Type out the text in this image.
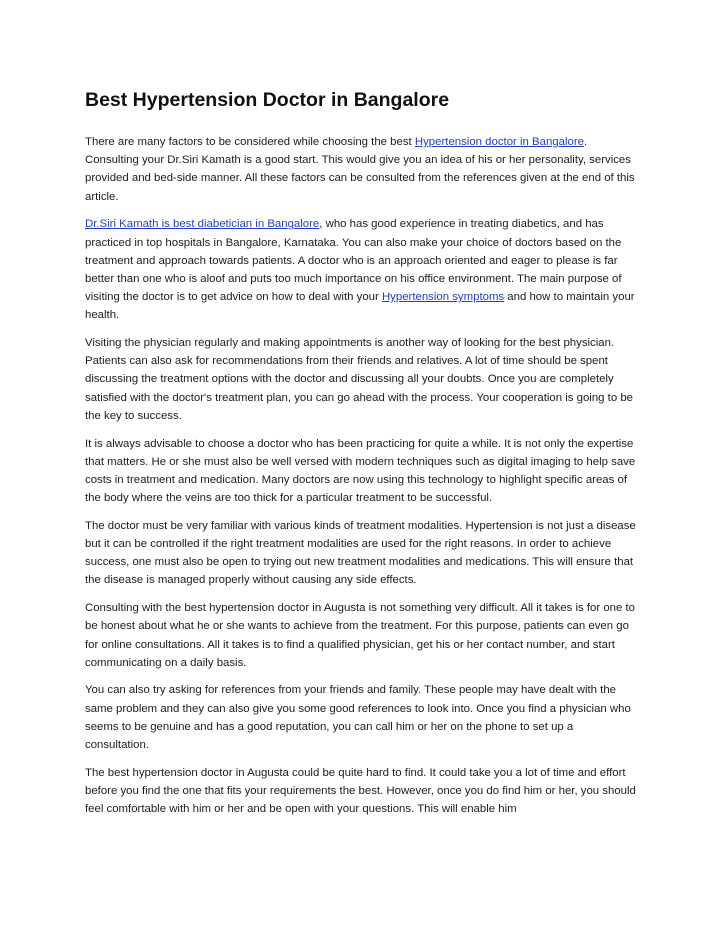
Best Hypertension Doctor in Bangalore

There are many factors to be considered while choosing the best Hypertension doctor in Bangalore. Consulting your Dr.Siri Kamath is a good start. This would give you an idea of his or her personality, services provided and bed-side manner. All these factors can be consulted from the references given at the end of this article.

Dr.Siri Kamath is best diabetician in Bangalore, who has good experience in treating diabetics, and has practiced in top hospitals in Bangalore, Karnataka. You can also make your choice of doctors based on the treatment and approach towards patients. A doctor who is an approach oriented and eager to please is far better than one who is aloof and puts too much importance on his office environment. The main purpose of visiting the doctor is to get advice on how to deal with your Hypertension symptoms and how to maintain your health.

Visiting the physician regularly and making appointments is another way of looking for the best physician. Patients can also ask for recommendations from their friends and relatives. A lot of time should be spent discussing the treatment options with the doctor and discussing all your doubts. Once you are completely satisfied with the doctor's treatment plan, you can go ahead with the process. Your cooperation is going to be the key to success.

It is always advisable to choose a doctor who has been practicing for quite a while. It is not only the expertise that matters. He or she must also be well versed with modern techniques such as digital imaging to help save costs in treatment and medication. Many doctors are now using this technology to highlight specific areas of the body where the veins are too thick for a particular treatment to be successful.

The doctor must be very familiar with various kinds of treatment modalities. Hypertension is not just a disease but it can be controlled if the right treatment modalities are used for the right reasons. In order to achieve success, one must also be open to trying out new treatment modalities and medications. This will ensure that the disease is managed properly without causing any side effects.

Consulting with the best hypertension doctor in Augusta is not something very difficult. All it takes is for one to be honest about what he or she wants to achieve from the treatment. For this purpose, patients can even go for online consultations. All it takes is to find a qualified physician, get his or her contact number, and start communicating on a daily basis.

You can also try asking for references from your friends and family. These people may have dealt with the same problem and they can also give you some good references to look into. Once you find a physician who seems to be genuine and has a good reputation, you can call him or her on the phone to set up a consultation.

The best hypertension doctor in Augusta could be quite hard to find. It could take you a lot of time and effort before you find the one that fits your requirements the best. However, once you do find him or her, you should feel comfortable with him or her and be open with your questions. This will enable him
